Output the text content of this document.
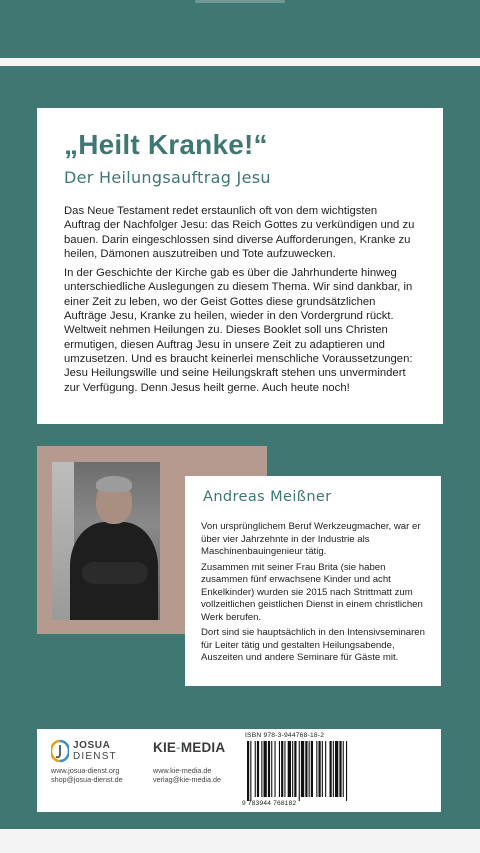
„Heilt Kranke!“
Der Heilungsauftrag Jesu

Das Neue Testament redet erstaunlich oft von dem wichtigsten Auftrag der Nachfolger Jesu: das Reich Gottes zu verkündigen und zu bauen. Darin eingeschlossen sind diverse Aufforderungen, Kranke zu heilen, Dämonen auszutreiben und Tote aufzuwecken.

In der Geschichte der Kirche gab es über die Jahrhunderte hinweg unterschiedliche Auslegungen zu diesem Thema. Wir sind dankbar, in einer Zeit zu leben, wo der Geist Gottes diese grundsätzlichen Aufträge Jesu, Kranke zu heilen, wieder in den Vordergrund rückt. Weltweit nehmen Heilungen zu. Dieses Booklet soll uns Christen ermutigen, diesen Auftrag Jesu in unsere Zeit zu adaptieren und umzusetzen. Und es braucht keinerlei menschliche Voraussetzungen: Jesu Heilungswille und seine Heilungskraft stehen uns unvermindert zur Verfügung. Denn Jesus heilt gerne. Auch heute noch!

Andreas Meißner

Von ursprünglichem Beruf Werkzeugmacher, war er über vier Jahrzehnte in der Industrie als Maschinenbauingenieur tätig.

Zusammen mit seiner Frau Brita (sie haben zusammen fünf erwachsene Kinder und acht Enkelkinder) wurden sie 2015 nach Strittmatt zum vollzeitlichen geistlichen Dienst in einem christlichen Werk berufen.

Dort sind sie hauptsächlich in den Intensivseminaren für Leiter tätig und gestalten Heilungsabende, Auszeiten und andere Seminare für Gäste mit.

JOSUA
DIENST
www.josua-dienst.org
shop@josua-dienst.de
KIE-MEDIA
www.kie-media.de
verlag@kie-media.de
ISBN 978-3-944768-18-2
9 783944 768182
